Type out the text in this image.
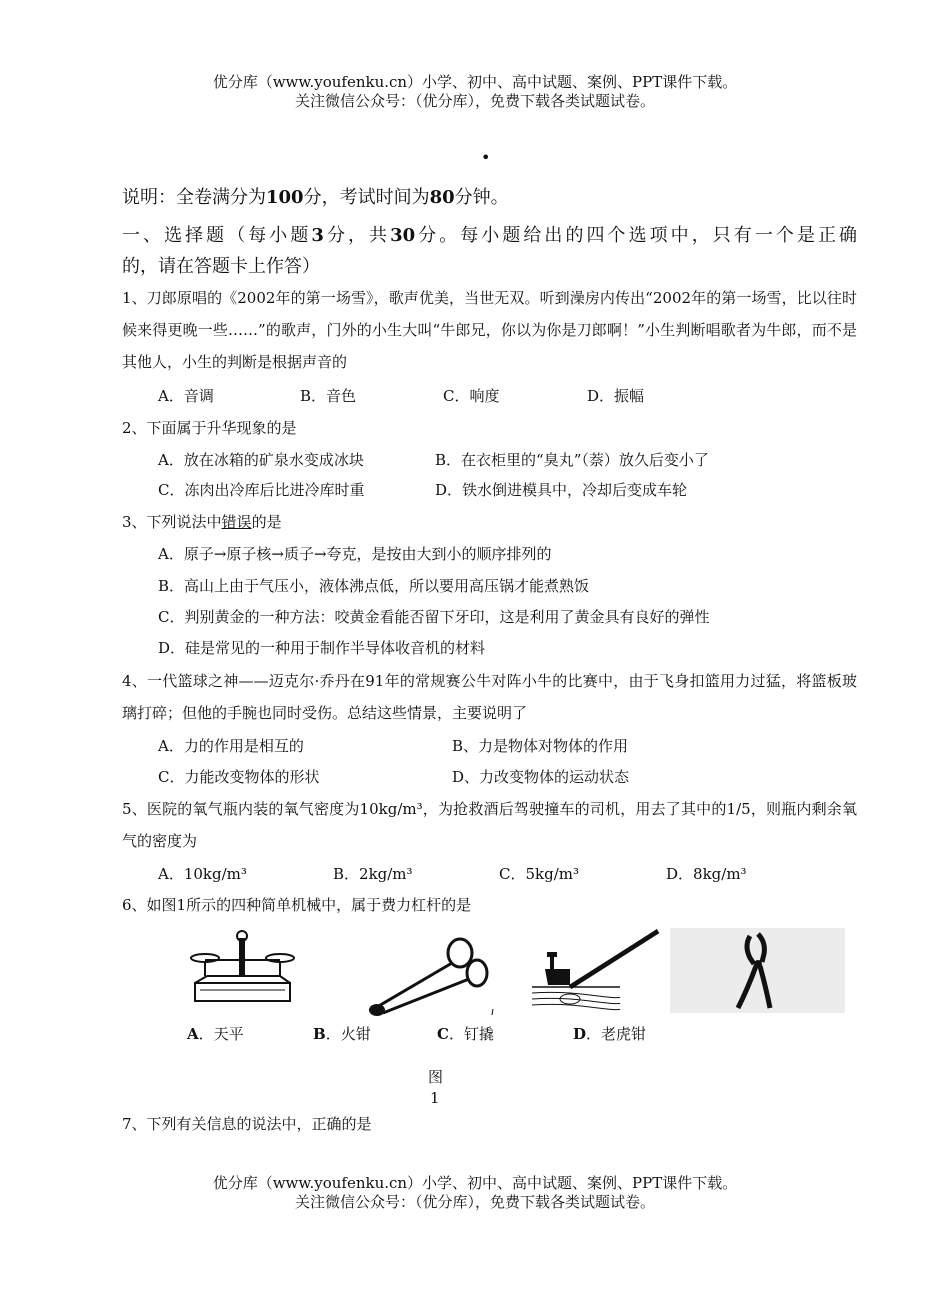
优分库（www.youfenku.cn）小学、初中、高中试题、案例、PPT课件下载。
关注微信公众号：（优分库），免费下载各类试题试卷。
•
说明：全卷满分为100分，考试时间为80分钟。
一、选择题（每小题3分，共30分。每小题给出的四个选项中，只有一个是正确
的，请在答题卡上作答）
1、刀郎原唱的《2002年的第一场雪》，歌声优美，当世无双。听到澡房内传出“2002年的第一场雪，比以往时候来得更晚一些……”的歌声，门外的小生大叫“牛郎兄，你以为你是刀郎啊！”小生判断唱歌者为牛郎，而不是其他人，小生的判断是根据声音的
A．音调	B．音色	C．响度	D．振幅
2、下面属于升华现象的是
A．放在冰箱的矿泉水变成冰块	B．在衣柜里的“臭丸”（萘）放久后变小了
C．冻肉出冷库后比进冷库时重	D．铁水倒进模具中，冷却后变成车轮
3、下列说法中错误的是
A．原子→原子核→质子→夸克，是按由大到小的顺序排列的
B．高山上由于气压小，液体沸点低，所以要用高压锅才能煮熟饭
C．判别黄金的一种方法：咬黄金看能否留下牙印，这是利用了黄金具有良好的弹性
D．硅是常见的一种用于制作半导体收音机的材料
4、一代篮球之神——迈克尔·乔丹在91年的常规赛公牛对阵小牛的比赛中，由于飞身扣篮用力过猛，将篮板玻璃打碎；但他的手腕也同时受伤。总结这些情景，主要说明了
A．力的作用是相互的	B、力是物体对物体的作用
C．力能改变物体的形状	D、力改变物体的运动状态
5、医院的氧气瓶内装的氧气密度为10kg/m³，为抢救酒后驾驶撞车的司机，用去了其中的1/5，则瓶内剩余氧气的密度为
A．10kg/m³	B．2kg/m³	C．5kg/m³	D．8kg/m³
6、如图1所示的四种简单机械中，属于费力杠杆的是
A．天平	B．火钳	C．钉撬	D．老虎钳
图
1
7、下列有关信息的说法中，正确的是
优分库（www.youfenku.cn）小学、初中、高中试题、案例、PPT课件下载。
关注微信公众号：（优分库），免费下载各类试题试卷。
